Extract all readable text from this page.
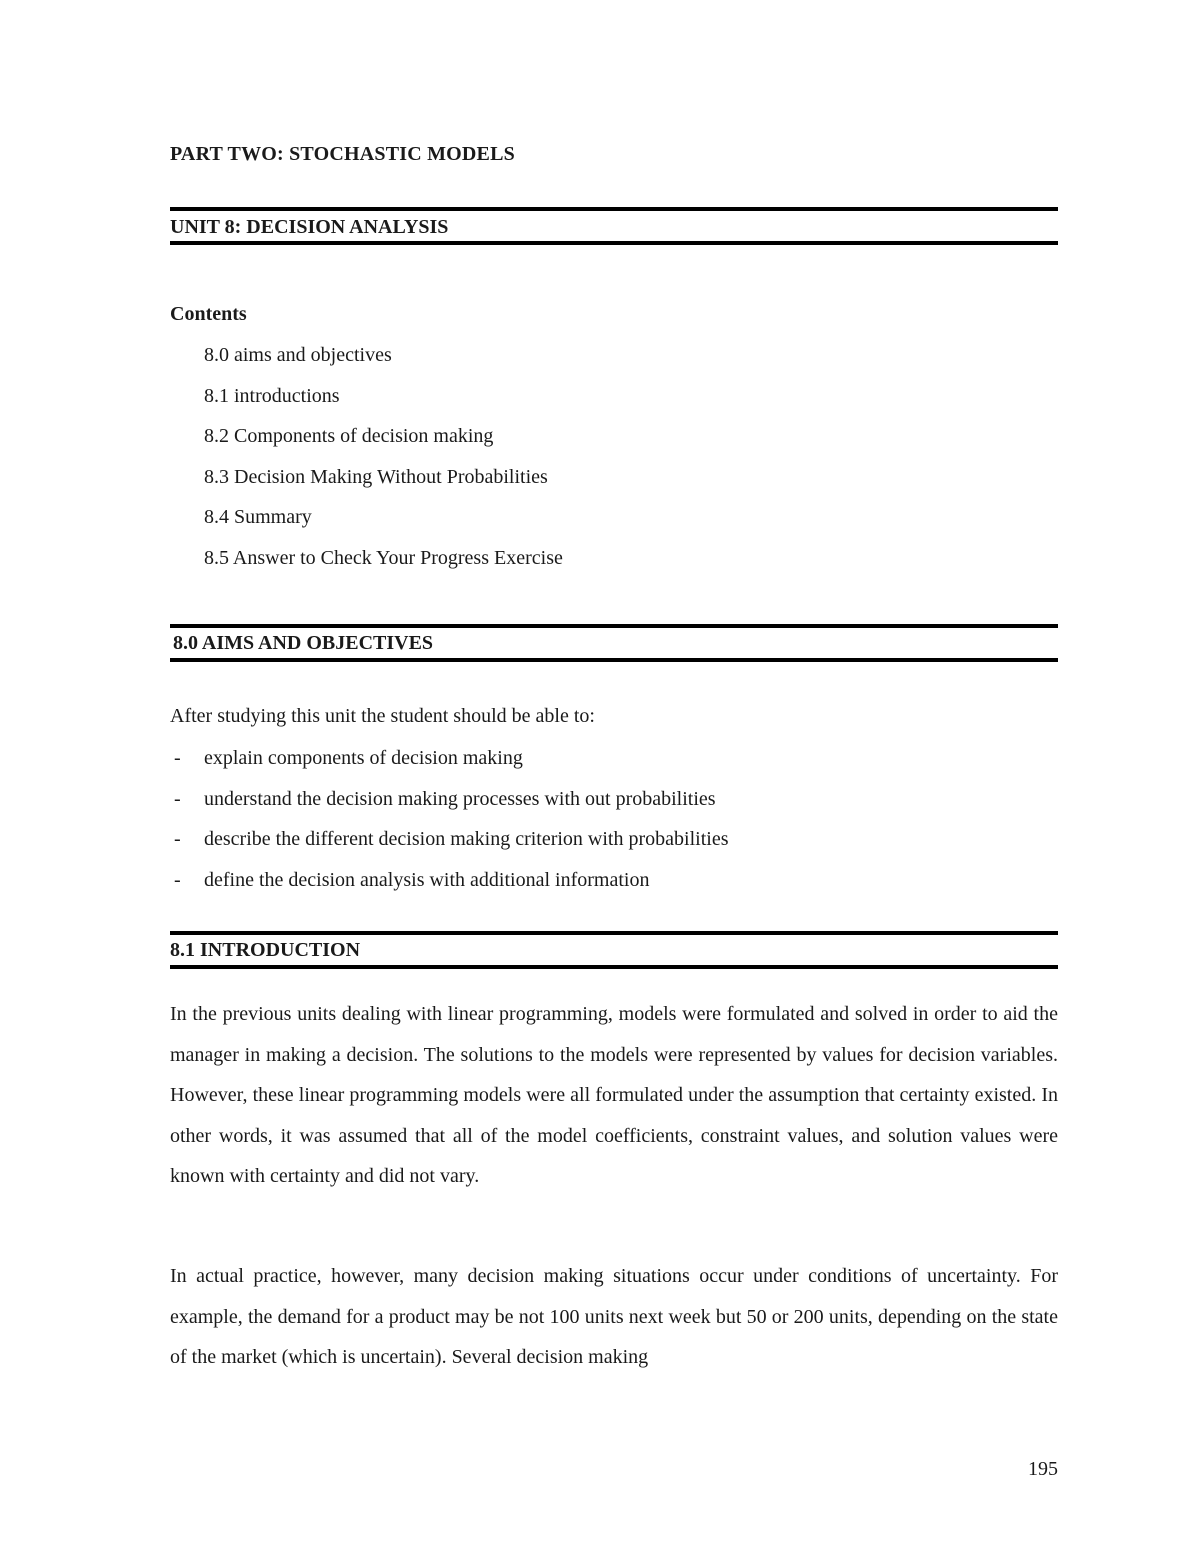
PART TWO: STOCHASTIC MODELS
UNIT 8: DECISION ANALYSIS
Contents
8.0 aims and objectives
8.1 introductions
8.2 Components of decision making
8.3 Decision Making Without Probabilities
8.4 Summary
8.5 Answer to Check Your Progress Exercise
8.0 AIMS AND OBJECTIVES
After studying this unit the student should be able to:
- explain components of decision making
- understand the decision making processes with out probabilities
- describe the different decision making criterion with probabilities
- define the decision analysis with additional information
8.1 INTRODUCTION

In the previous units dealing with linear programming, models were formulated and solved in order to aid the manager in making a decision. The solutions to the models were represented by values for decision variables. However, these linear programming models were all formulated under the assumption that certainty existed. In other words, it was assumed that all of the model coefficients, constraint values, and solution values were known with certainty and did not vary.

In actual practice, however, many decision making situations occur under conditions of uncertainty. For example, the demand for a product may be not 100 units next week but 50 or 200 units, depending on the state of the market (which is uncertain). Several decision making

195
